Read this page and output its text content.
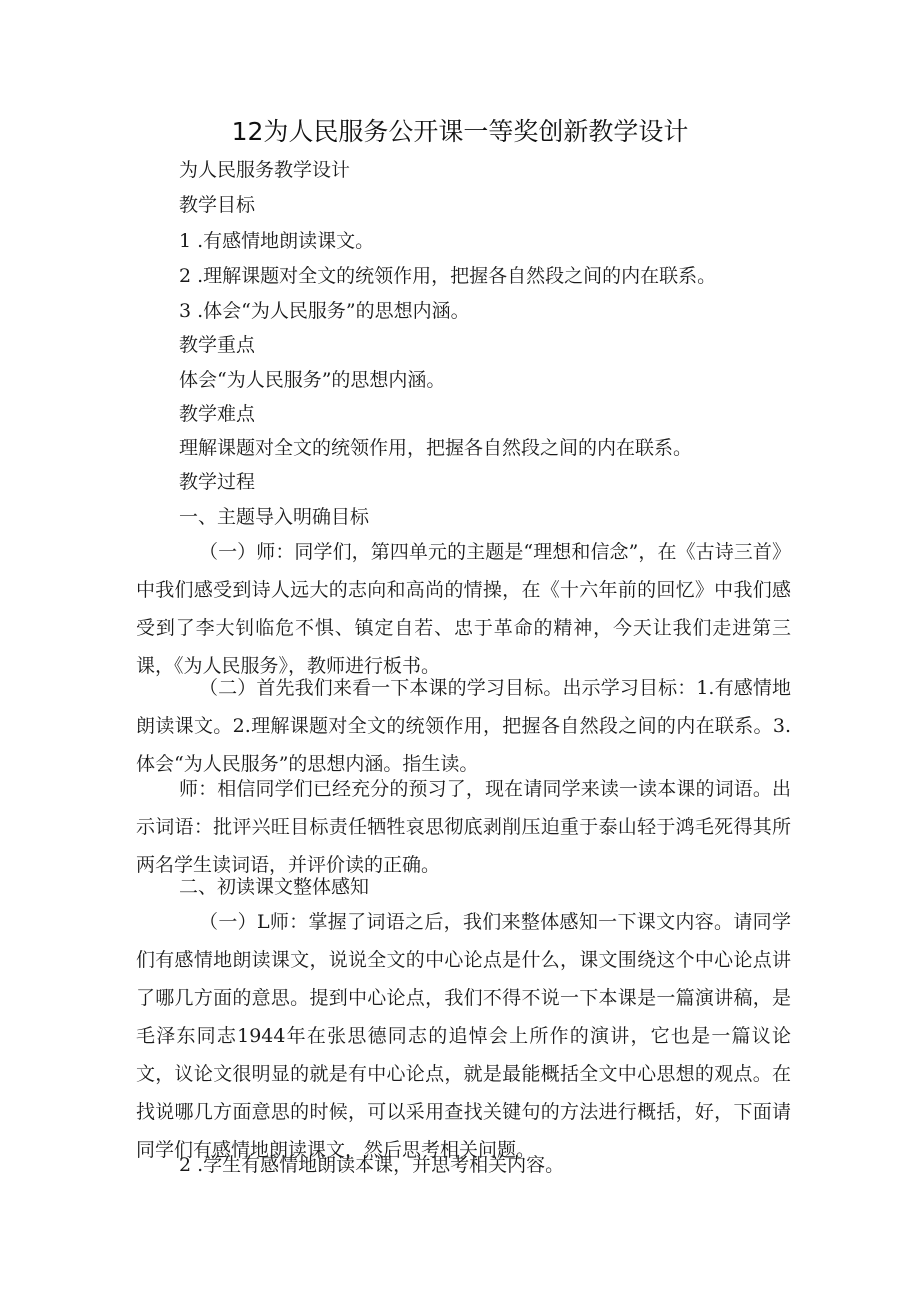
12为人民服务公开课一等奖创新教学设计
为人民服务教学设计
教学目标
1 .有感情地朗读课文。
2 .理解课题对全文的统领作用，把握各自然段之间的内在联系。
3 .体会“为人民服务”的思想内涵。
教学重点
体会“为人民服务”的思想内涵。
教学难点
理解课题对全文的统领作用，把握各自然段之间的内在联系。
教学过程
一、主题导入明确目标
（一）师：同学们，第四单元的主题是“理想和信念”，在《古诗三首》中我们感受到诗人远大的志向和高尚的情操，在《十六年前的回忆》中我们感受到了李大钊临危不惧、镇定自若、忠于革命的精神，今天让我们走进第三课，《为人民服务》，教师进行板书。
（二）首先我们来看一下本课的学习目标。出示学习目标：1.有感情地朗读课文。2.理解课题对全文的统领作用，把握各自然段之间的内在联系。3.体会“为人民服务”的思想内涵。指生读。
师：相信同学们已经充分的预习了，现在请同学来读一读本课的词语。出示词语：批评兴旺目标责任牺牲哀思彻底剥削压迫重于泰山轻于鸿毛死得其所两名学生读词语，并评价读的正确。
二、初读课文整体感知
（一）L师：掌握了词语之后，我们来整体感知一下课文内容。请同学们有感情地朗读课文，说说全文的中心论点是什么，课文围绕这个中心论点讲了哪几方面的意思。提到中心论点，我们不得不说一下本课是一篇演讲稿，是毛泽东同志1944年在张思德同志的追悼会上所作的演讲，它也是一篇议论文，议论文很明显的就是有中心论点，就是最能概括全文中心思想的观点。在找说哪几方面意思的时候，可以采用查找关键句的方法进行概括，好，下面请同学们有感情地朗读课文，然后思考相关问题。
2 .学生有感情地朗读本课，并思考相关内容。
